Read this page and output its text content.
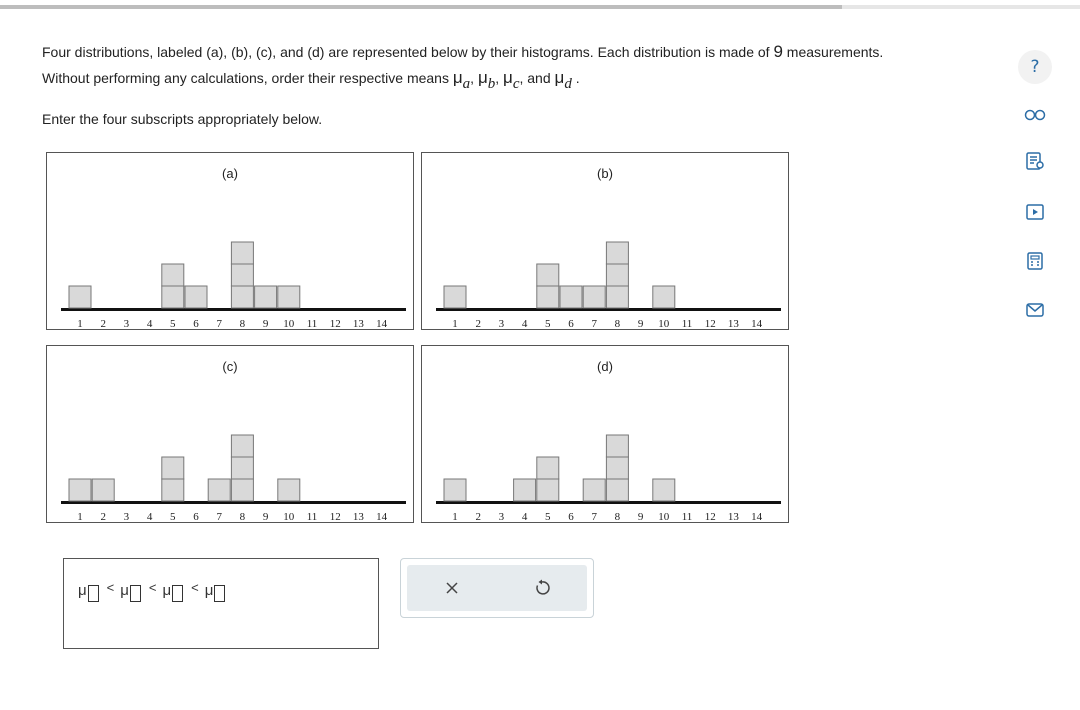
Four distributions, labeled (a), (b), (c), and (d) are represented below by their histograms. Each distribution is made of 9 measurements.
Without performing any calculations, order their respective means $\mu_a$, $\mu_b$, $\mu_c$, and $\mu_d$ .
Enter the four subscripts appropriately below.
(a)
1 2 3 4 5 6 7 8 9 10 11 12 13 14
(b)
1 2 3 4 5 6 7 8 9 10 11 12 13 14
(c)
1 2 3 4 5 6 7 8 9 10 11 12 13 14
(d)
1 2 3 4 5 6 7 8 9 10 11 12 13 14
μ < μ < μ < μ
?
